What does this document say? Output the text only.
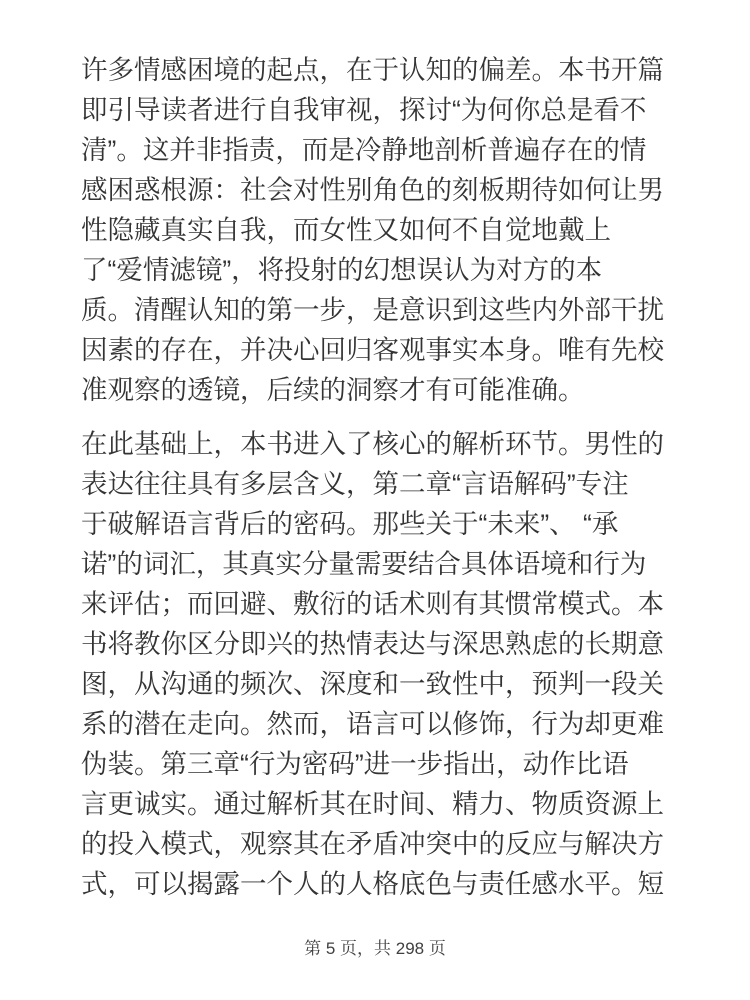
许多情感困境的起点，在于认知的偏差。本书开篇
即引导读者进行自我审视，探讨“为何你总是看不
清”。这并非指责，而是冷静地剖析普遍存在的情
感困惑根源：社会对性别角色的刻板期待如何让男
性隐藏真实自我，而女性又如何不自觉地戴上
了“爱情滤镜”，将投射的幻想误认为对方的本
质。清醒认知的第一步，是意识到这些内外部干扰
因素的存在，并决心回归客观事实本身。唯有先校
准观察的透镜，后续的洞察才有可能准确。
在此基础上，本书进入了核心的解析环节。男性的
表达往往具有多层含义，第二章“言语解码”专注
于破解语言背后的密码。那些关于“未来”、 “承
诺”的词汇，其真实分量需要结合具体语境和行为
来评估；而回避、敷衍的话术则有其惯常模式。本
书将教你区分即兴的热情表达与深思熟虑的长期意
图，从沟通的频次、深度和一致性中，预判一段关
系的潜在走向。然而，语言可以修饰，行为却更难
伪装。第三章“行为密码”进一步指出，动作比语
言更诚实。通过解析其在时间、精力、物质资源上
的投入模式，观察其在矛盾冲突中的反应与解决方
式，可以揭露一个人的人格底色与责任感水平。短
第 5 页，共 298 页
